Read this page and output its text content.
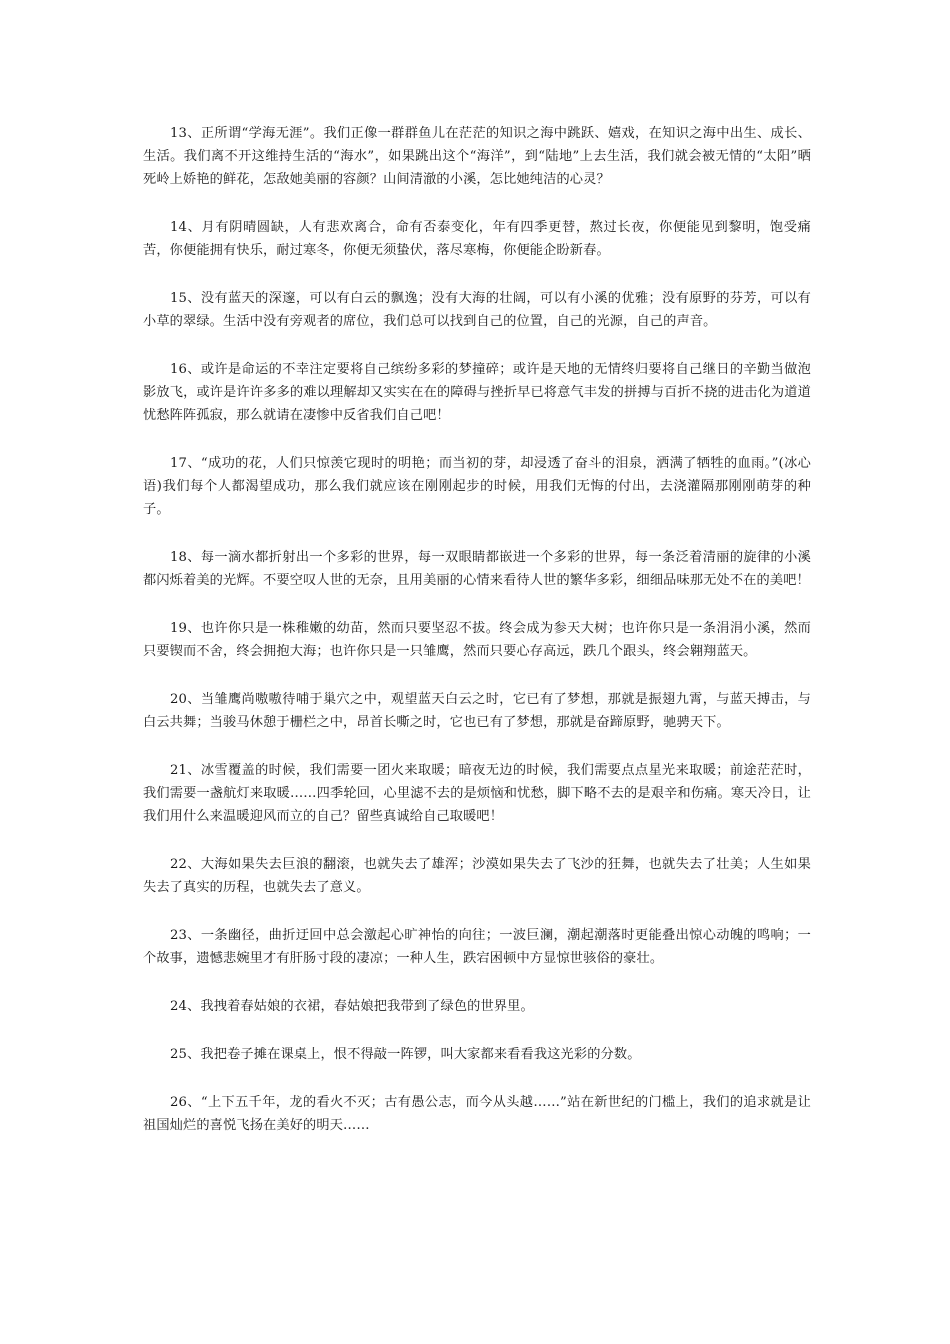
13、正所谓“学海无涯”。我们正像一群群鱼儿在茫茫的知识之海中跳跃、嬉戏，在知识之海中出生、成长、生活。我们离不开这维持生活的“海水”，如果跳出这个“海洋”，到“陆地”上去生活，我们就会被无情的“太阳”晒死岭上娇艳的鲜花，怎敌她美丽的容颜？山间清澈的小溪，怎比她纯洁的心灵？

14、月有阴晴圆缺，人有悲欢离合，命有否泰变化，年有四季更替，熬过长夜，你便能见到黎明，饱受痛苦，你便能拥有快乐，耐过寒冬，你便无须蛰伏，落尽寒梅，你便能企盼新春。

15、没有蓝天的深邃，可以有白云的飘逸；没有大海的壮阔，可以有小溪的优雅；没有原野的芬芳，可以有小草的翠绿。生活中没有旁观者的席位，我们总可以找到自己的位置，自己的光源，自己的声音。

16、或许是命运的不幸注定要将自己缤纷多彩的梦撞碎；或许是天地的无情终归要将自己继日的辛勤当做泡影放飞，或许是许许多多的难以理解却又实实在在的障碍与挫折早已将意气丰发的拼搏与百折不挠的进击化为道道忧愁阵阵孤寂，那么就请在凄惨中反省我们自己吧！

17、“成功的花，人们只惊羡它现时的明艳；而当初的芽，却浸透了奋斗的泪泉，洒满了牺牲的血雨。”(冰心语)我们每个人都渴望成功，那么我们就应该在刚刚起步的时候，用我们无悔的付出，去浇灌隔那刚刚萌芽的种子。

18、每一滴水都折射出一个多彩的世界，每一双眼睛都嵌进一个多彩的世界，每一条泛着清丽的旋律的小溪都闪烁着美的光辉。不要空叹人世的无奈，且用美丽的心情来看待人世的繁华多彩，细细品味那无处不在的美吧！

19、也许你只是一株稚嫩的幼苗，然而只要坚忍不拔。终会成为参天大树；也许你只是一条涓涓小溪，然而只要锲而不舍，终会拥抱大海；也许你只是一只雏鹰，然而只要心存高远，跌几个跟头，终会翱翔蓝天。

20、当雏鹰尚嗷嗷待哺于巢穴之中，观望蓝天白云之时，它已有了梦想，那就是振翅九霄，与蓝天搏击，与白云共舞；当骏马休憩于栅栏之中，昂首长嘶之时，它也已有了梦想，那就是奋蹄原野，驰骋天下。

21、冰雪覆盖的时候，我们需要一团火来取暖；暗夜无边的时候，我们需要点点星光来取暖；前途茫茫时，我们需要一盏航灯来取暖……四季轮回，心里滤不去的是烦恼和忧愁，脚下略不去的是艰辛和伤痛。寒天冷日，让我们用什么来温暖迎风而立的自己？留些真诚给自己取暖吧！

22、大海如果失去巨浪的翻滚，也就失去了雄浑；沙漠如果失去了飞沙的狂舞，也就失去了壮美；人生如果失去了真实的历程，也就失去了意义。

23、一条幽径，曲折迂回中总会激起心旷神怡的向往；一波巨澜，潮起潮落时更能叠出惊心动魄的鸣响；一个故事，遗憾悲婉里才有肝肠寸段的凄凉；一种人生，跌宕困顿中方显惊世骇俗的豪壮。

24、我拽着春姑娘的衣裙，春姑娘把我带到了绿色的世界里。

25、我把卷子摊在课桌上，恨不得敲一阵锣，叫大家都来看看我这光彩的分数。

26、“上下五千年，龙的看火不灭；古有愚公志，而今从头越……”站在新世纪的门槛上，我们的追求就是让祖国灿烂的喜悦飞扬在美好的明天……
